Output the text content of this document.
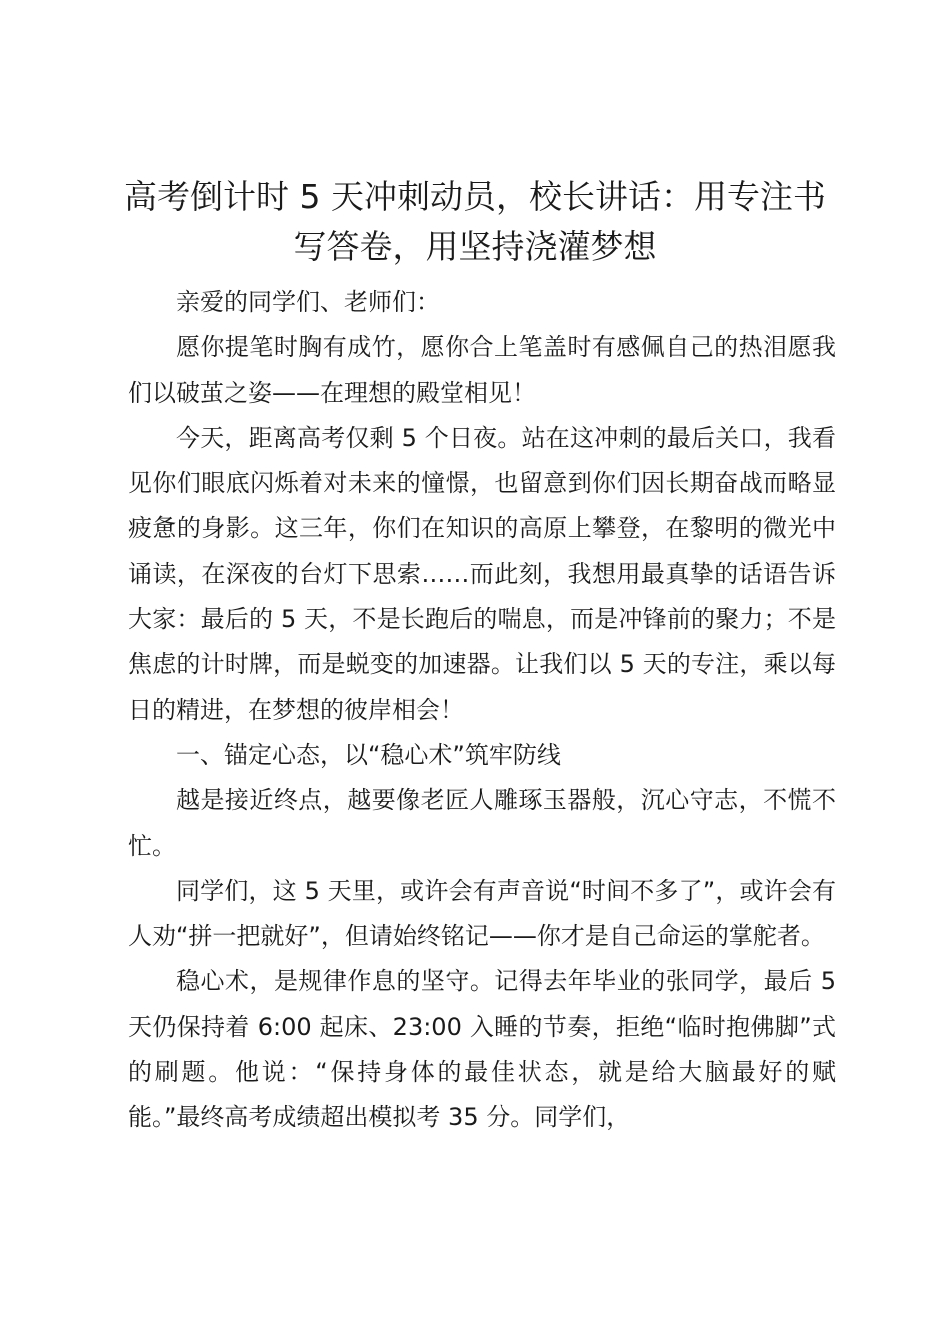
高考倒计时 5 天冲刺动员，校长讲话：用专注书写答卷，用坚持浇灌梦想

亲爱的同学们、老师们：

愿你提笔时胸有成竹，愿你合上笔盖时有感佩自己的热泪愿我们以破茧之姿——在理想的殿堂相见！

今天，距离高考仅剩 5 个日夜。站在这冲刺的最后关口，我看见你们眼底闪烁着对未来的憧憬，也留意到你们因长期奋战而略显疲惫的身影。这三年，你们在知识的高原上攀登，在黎明的微光中诵读，在深夜的台灯下思索……而此刻，我想用最真挚的话语告诉大家：最后的 5 天，不是长跑后的喘息，而是冲锋前的聚力；不是焦虑的计时牌，而是蜕变的加速器。让我们以 5 天的专注，乘以每日的精进，在梦想的彼岸相会！

一、锚定心态，以“稳心术”筑牢防线

越是接近终点，越要像老匠人雕琢玉器般，沉心守志，不慌不忙。

同学们，这 5 天里，或许会有声音说“时间不多了”，或许会有人劝“拼一把就好”，但请始终铭记——你才是自己命运的掌舵者。

稳心术，是规律作息的坚守。记得去年毕业的张同学，最后 5 天仍保持着 6:00 起床、23:00 入睡的节奏，拒绝“临时抱佛脚”式的刷题。他说：“保持身体的最佳状态，就是给大脑最好的赋能。”最终高考成绩超出模拟考 35 分。同学们，
